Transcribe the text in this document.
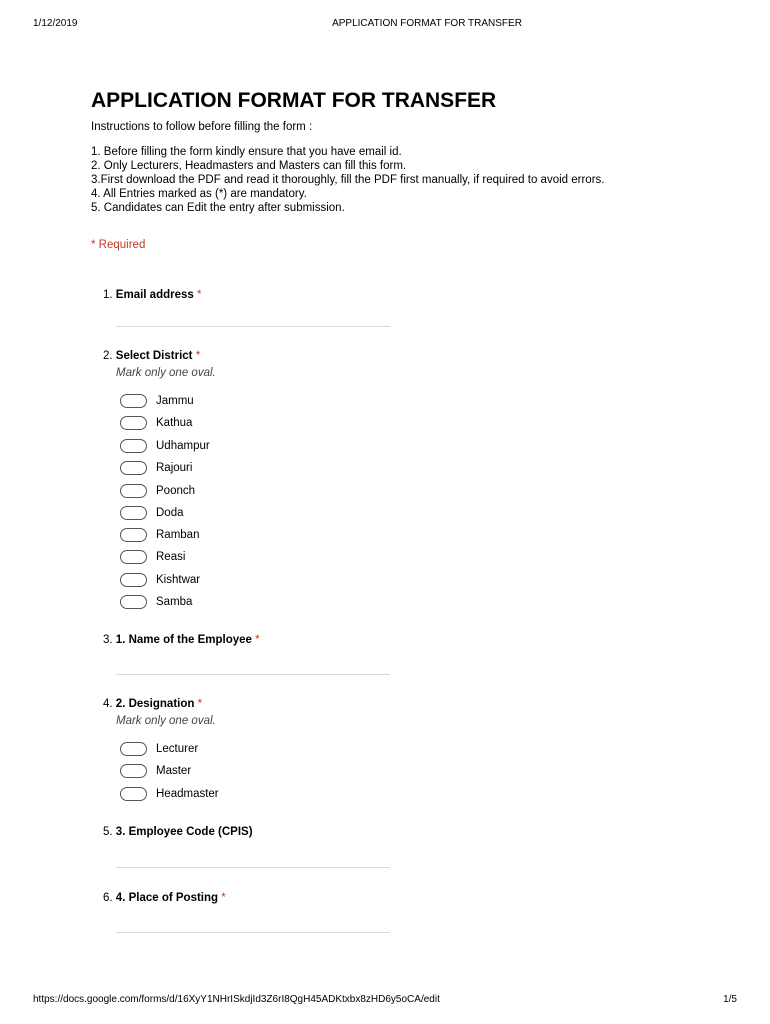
1/12/2019	APPLICATION FORMAT FOR TRANSFER
APPLICATION FORMAT FOR TRANSFER
Instructions to follow before filling the form :
1. Before filling the form kindly ensure that you have email id.
2. Only Lecturers, Headmasters and Masters can fill this form.
3.First download the PDF and read it thoroughly, fill the PDF first manually, if required to avoid errors.
4. All Entries marked as (*) are mandatory.
5. Candidates can Edit the entry after submission.
* Required
1. Email address *
2. Select District *
Mark only one oval.
Jammu
Kathua
Udhampur
Rajouri
Poonch
Doda
Ramban
Reasi
Kishtwar
Samba
3. 1. Name of the Employee *
4. 2. Designation *
Mark only one oval.
Lecturer
Master
Headmaster
5. 3. Employee Code (CPIS)
6. 4. Place of Posting *
https://docs.google.com/forms/d/16XyY1NHrISkdjId3Z6rI8QgH45ADKtxbx8zHD6y5oCA/edit	1/5
